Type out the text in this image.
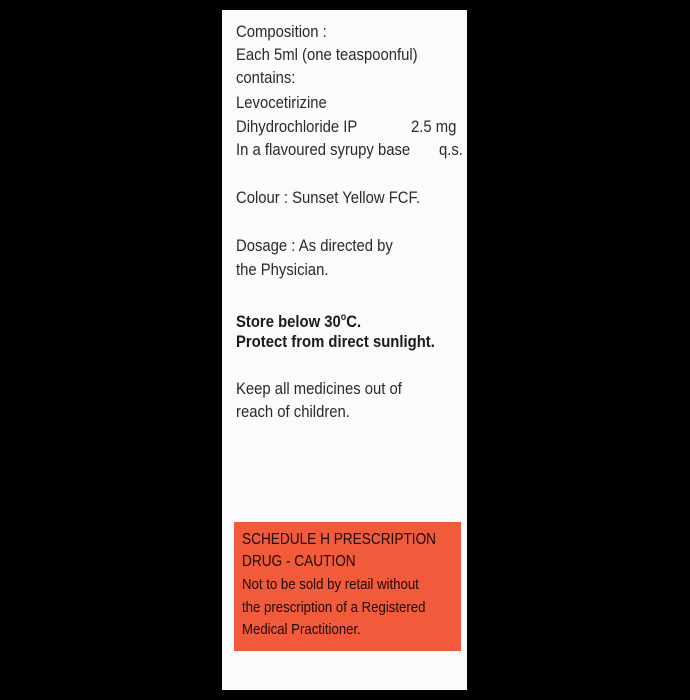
Composition :
Each 5ml (one teaspoonful)
contains:
Levocetirizine
Dihydrochloride IP	2.5 mg
In a flavoured syrupy base q.s.
Colour : Sunset Yellow FCF.
Dosage : As directed by
the Physician.
Store below 30$^o$C.
Protect from direct sunlight.
Keep all medicines out of
reach of children.
SCHEDULE H PRESCRIPTION
DRUG - CAUTION
Not to be sold by retail without
the prescription of a Registered
Medical Practitioner.
